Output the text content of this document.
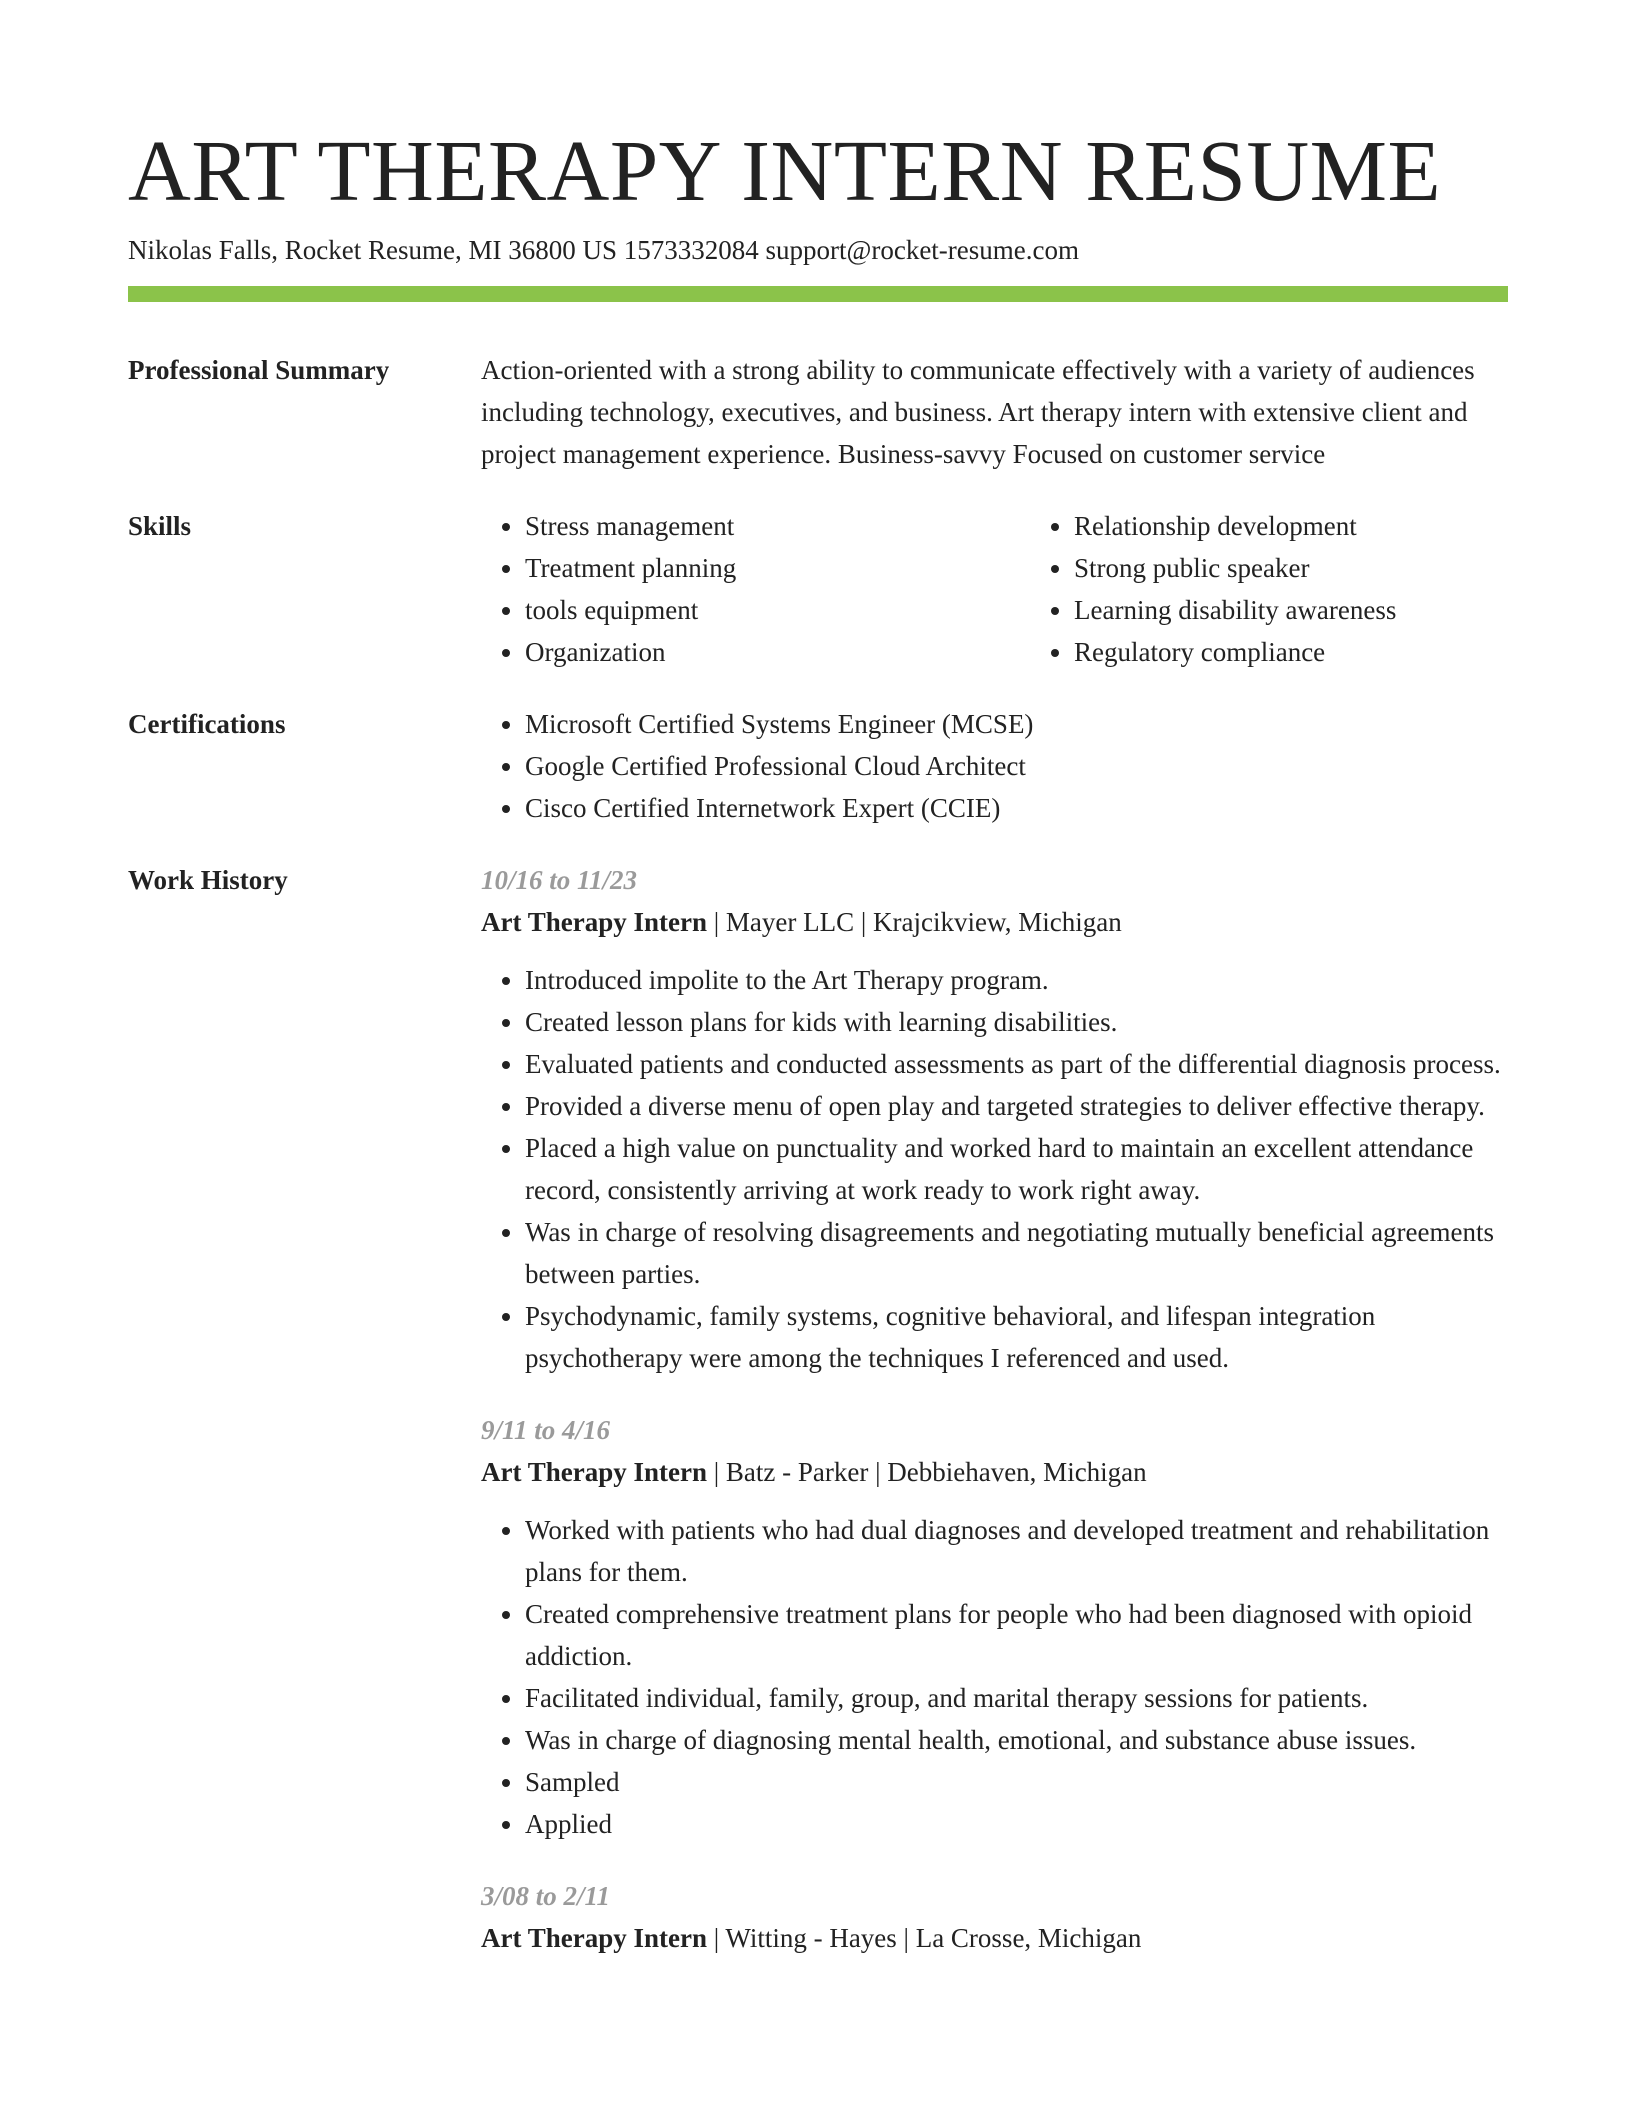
ART THERAPY INTERN RESUME
Nikolas Falls, Rocket Resume, MI 36800 US 1573332084 support@rocket-resume.com
Professional Summary	Action-oriented with a strong ability to communicate effectively with a variety of audiences including technology, executives, and business. Art therapy intern with extensive client and project management experience. Business-savvy Focused on customer service

Skills	• Stress management
• Treatment planning
• tools equipment
• Organization
• Relationship development
• Strong public speaker
• Learning disability awareness
• Regulatory compliance
Certifications	• Microsoft Certified Systems Engineer (MCSE)
• Google Certified Professional Cloud Architect
• Cisco Certified Internetwork Expert (CCIE)
Work History	10/16 to 11/23
Art Therapy Intern | Mayer LLC | Krajcikview, Michigan
• Introduced impolite to the Art Therapy program.
• Created lesson plans for kids with learning disabilities.
• Evaluated patients and conducted assessments as part of the differential diagnosis process.
• Provided a diverse menu of open play and targeted strategies to deliver effective therapy.
• Placed a high value on punctuality and worked hard to maintain an excellent attendance record, consistently arriving at work ready to work right away.
• Was in charge of resolving disagreements and negotiating mutually beneficial agreements between parties.
• Psychodynamic, family systems, cognitive behavioral, and lifespan integration psychotherapy were among the techniques I referenced and used.
9/11 to 4/16
Art Therapy Intern | Batz - Parker | Debbiehaven, Michigan
• Worked with patients who had dual diagnoses and developed treatment and rehabilitation plans for them.
• Created comprehensive treatment plans for people who had been diagnosed with opioid addiction.
• Facilitated individual, family, group, and marital therapy sessions for patients.
• Was in charge of diagnosing mental health, emotional, and substance abuse issues.
• Sampled
• Applied
3/08 to 2/11
Art Therapy Intern | Witting - Hayes | La Crosse, Michigan
